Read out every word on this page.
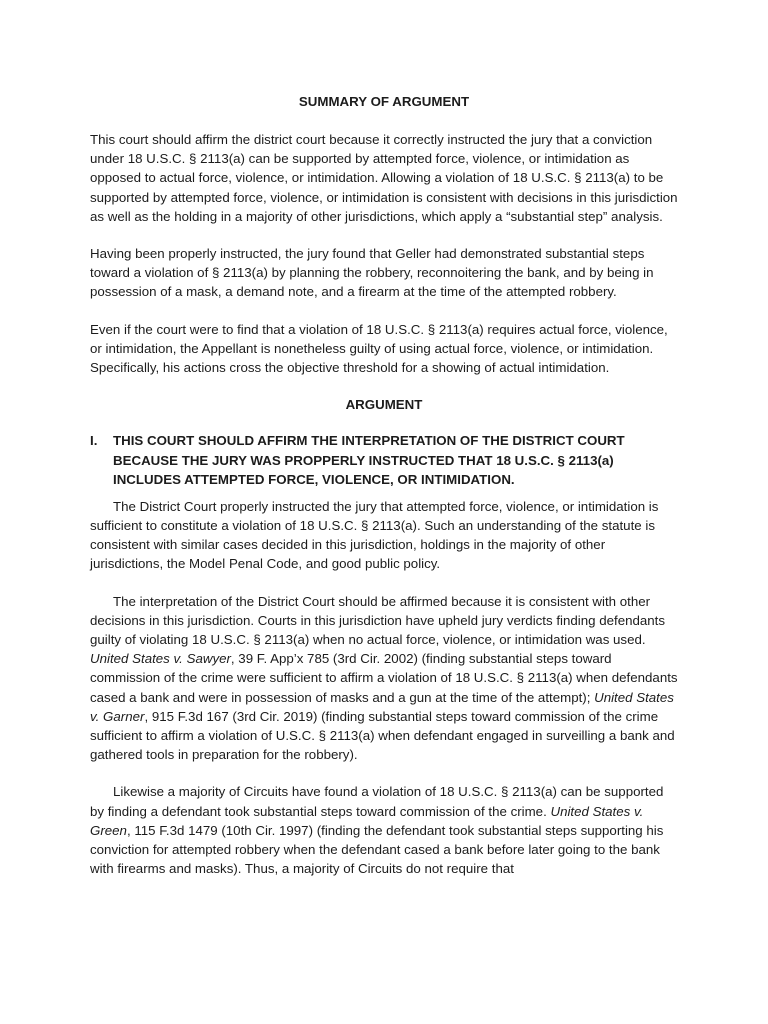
SUMMARY OF ARGUMENT

This court should affirm the district court because it correctly instructed the jury that a conviction under 18 U.S.C. § 2113(a) can be supported by attempted force, violence, or intimidation as opposed to actual force, violence, or intimidation. Allowing a violation of 18 U.S.C. § 2113(a) to be supported by attempted force, violence, or intimidation is consistent with decisions in this jurisdiction as well as the holding in a majority of other jurisdictions, which apply a “substantial step” analysis.

Having been properly instructed, the jury found that Geller had demonstrated substantial steps toward a violation of § 2113(a) by planning the robbery, reconnoitering the bank, and by being in possession of a mask, a demand note, and a firearm at the time of the attempted robbery.

Even if the court were to find that a violation of 18 U.S.C. § 2113(a) requires actual force, violence, or intimidation, the Appellant is nonetheless guilty of using actual force, violence, or intimidation. Specifically, his actions cross the objective threshold for a showing of actual intimidation.

ARGUMENT
I.	THIS COURT SHOULD AFFIRM THE INTERPRETATION OF THE DISTRICT COURT BECAUSE THE JURY WAS PROPPERLY INSTRUCTED THAT 18 U.S.C. § 2113(a) INCLUDES ATTEMPTED FORCE, VIOLENCE, OR INTIMIDATION.

The District Court properly instructed the jury that attempted force, violence, or intimidation is sufficient to constitute a violation of 18 U.S.C. § 2113(a). Such an understanding of the statute is consistent with similar cases decided in this jurisdiction, holdings in the majority of other jurisdictions, the Model Penal Code, and good public policy.

The interpretation of the District Court should be affirmed because it is consistent with other decisions in this jurisdiction. Courts in this jurisdiction have upheld jury verdicts finding defendants guilty of violating 18 U.S.C. § 2113(a) when no actual force, violence, or intimidation was used. United States v. Sawyer, 39 F. App’x 785 (3rd Cir. 2002) (finding substantial steps toward commission of the crime were sufficient to affirm a violation of 18 U.S.C. § 2113(a) when defendants cased a bank and were in possession of masks and a gun at the time of the attempt); United States v. Garner, 915 F.3d 167 (3rd Cir. 2019) (finding substantial steps toward commission of the crime sufficient to affirm a violation of U.S.C. § 2113(a) when defendant engaged in surveilling a bank and gathered tools in preparation for the robbery).

Likewise a majority of Circuits have found a violation of 18 U.S.C. § 2113(a) can be supported by finding a defendant took substantial steps toward commission of the crime. United States v. Green, 115 F.3d 1479 (10th Cir. 1997) (finding the defendant took substantial steps supporting his conviction for attempted robbery when the defendant cased a bank before later going to the bank with firearms and masks). Thus, a majority of Circuits do not require that
